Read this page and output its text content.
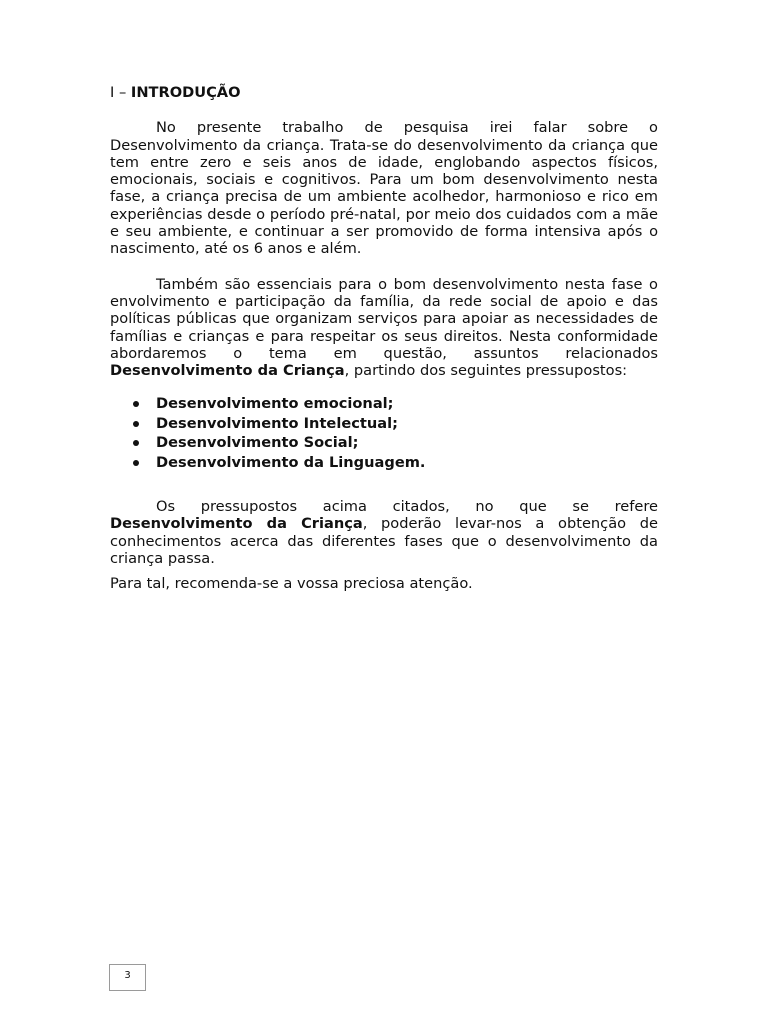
I – INTRODUÇÃO

No presente trabalho de pesquisa irei falar sobre o Desenvolvimento da criança. Trata-se do desenvolvimento da criança que tem entre zero e seis anos de idade, englobando aspectos físicos, emocionais, sociais e cognitivos. Para um bom desenvolvimento nesta fase, a criança precisa de um ambiente acolhedor, harmonioso e rico em experiências desde o período pré-natal, por meio dos cuidados com a mãe e seu ambiente, e continuar a ser promovido de forma intensiva após o nascimento, até os 6 anos e além.

Também são essenciais para o bom desenvolvimento nesta fase o envolvimento e participação da família, da rede social de apoio e das políticas públicas que organizam serviços para apoiar as necessidades de famílias e crianças e para respeitar os seus direitos. Nesta conformidade abordaremos o tema em questão, assuntos relacionados Desenvolvimento da Criança, partindo dos seguintes pressupostos:

Desenvolvimento emocional;
Desenvolvimento Intelectual;
Desenvolvimento Social;
Desenvolvimento da Linguagem.

Os pressupostos acima citados, no que se refere Desenvolvimento da Criança, poderão levar-nos a obtenção de conhecimentos acerca das diferentes fases que o desenvolvimento da criança passa.

Para tal, recomenda-se a vossa preciosa atenção.

3
